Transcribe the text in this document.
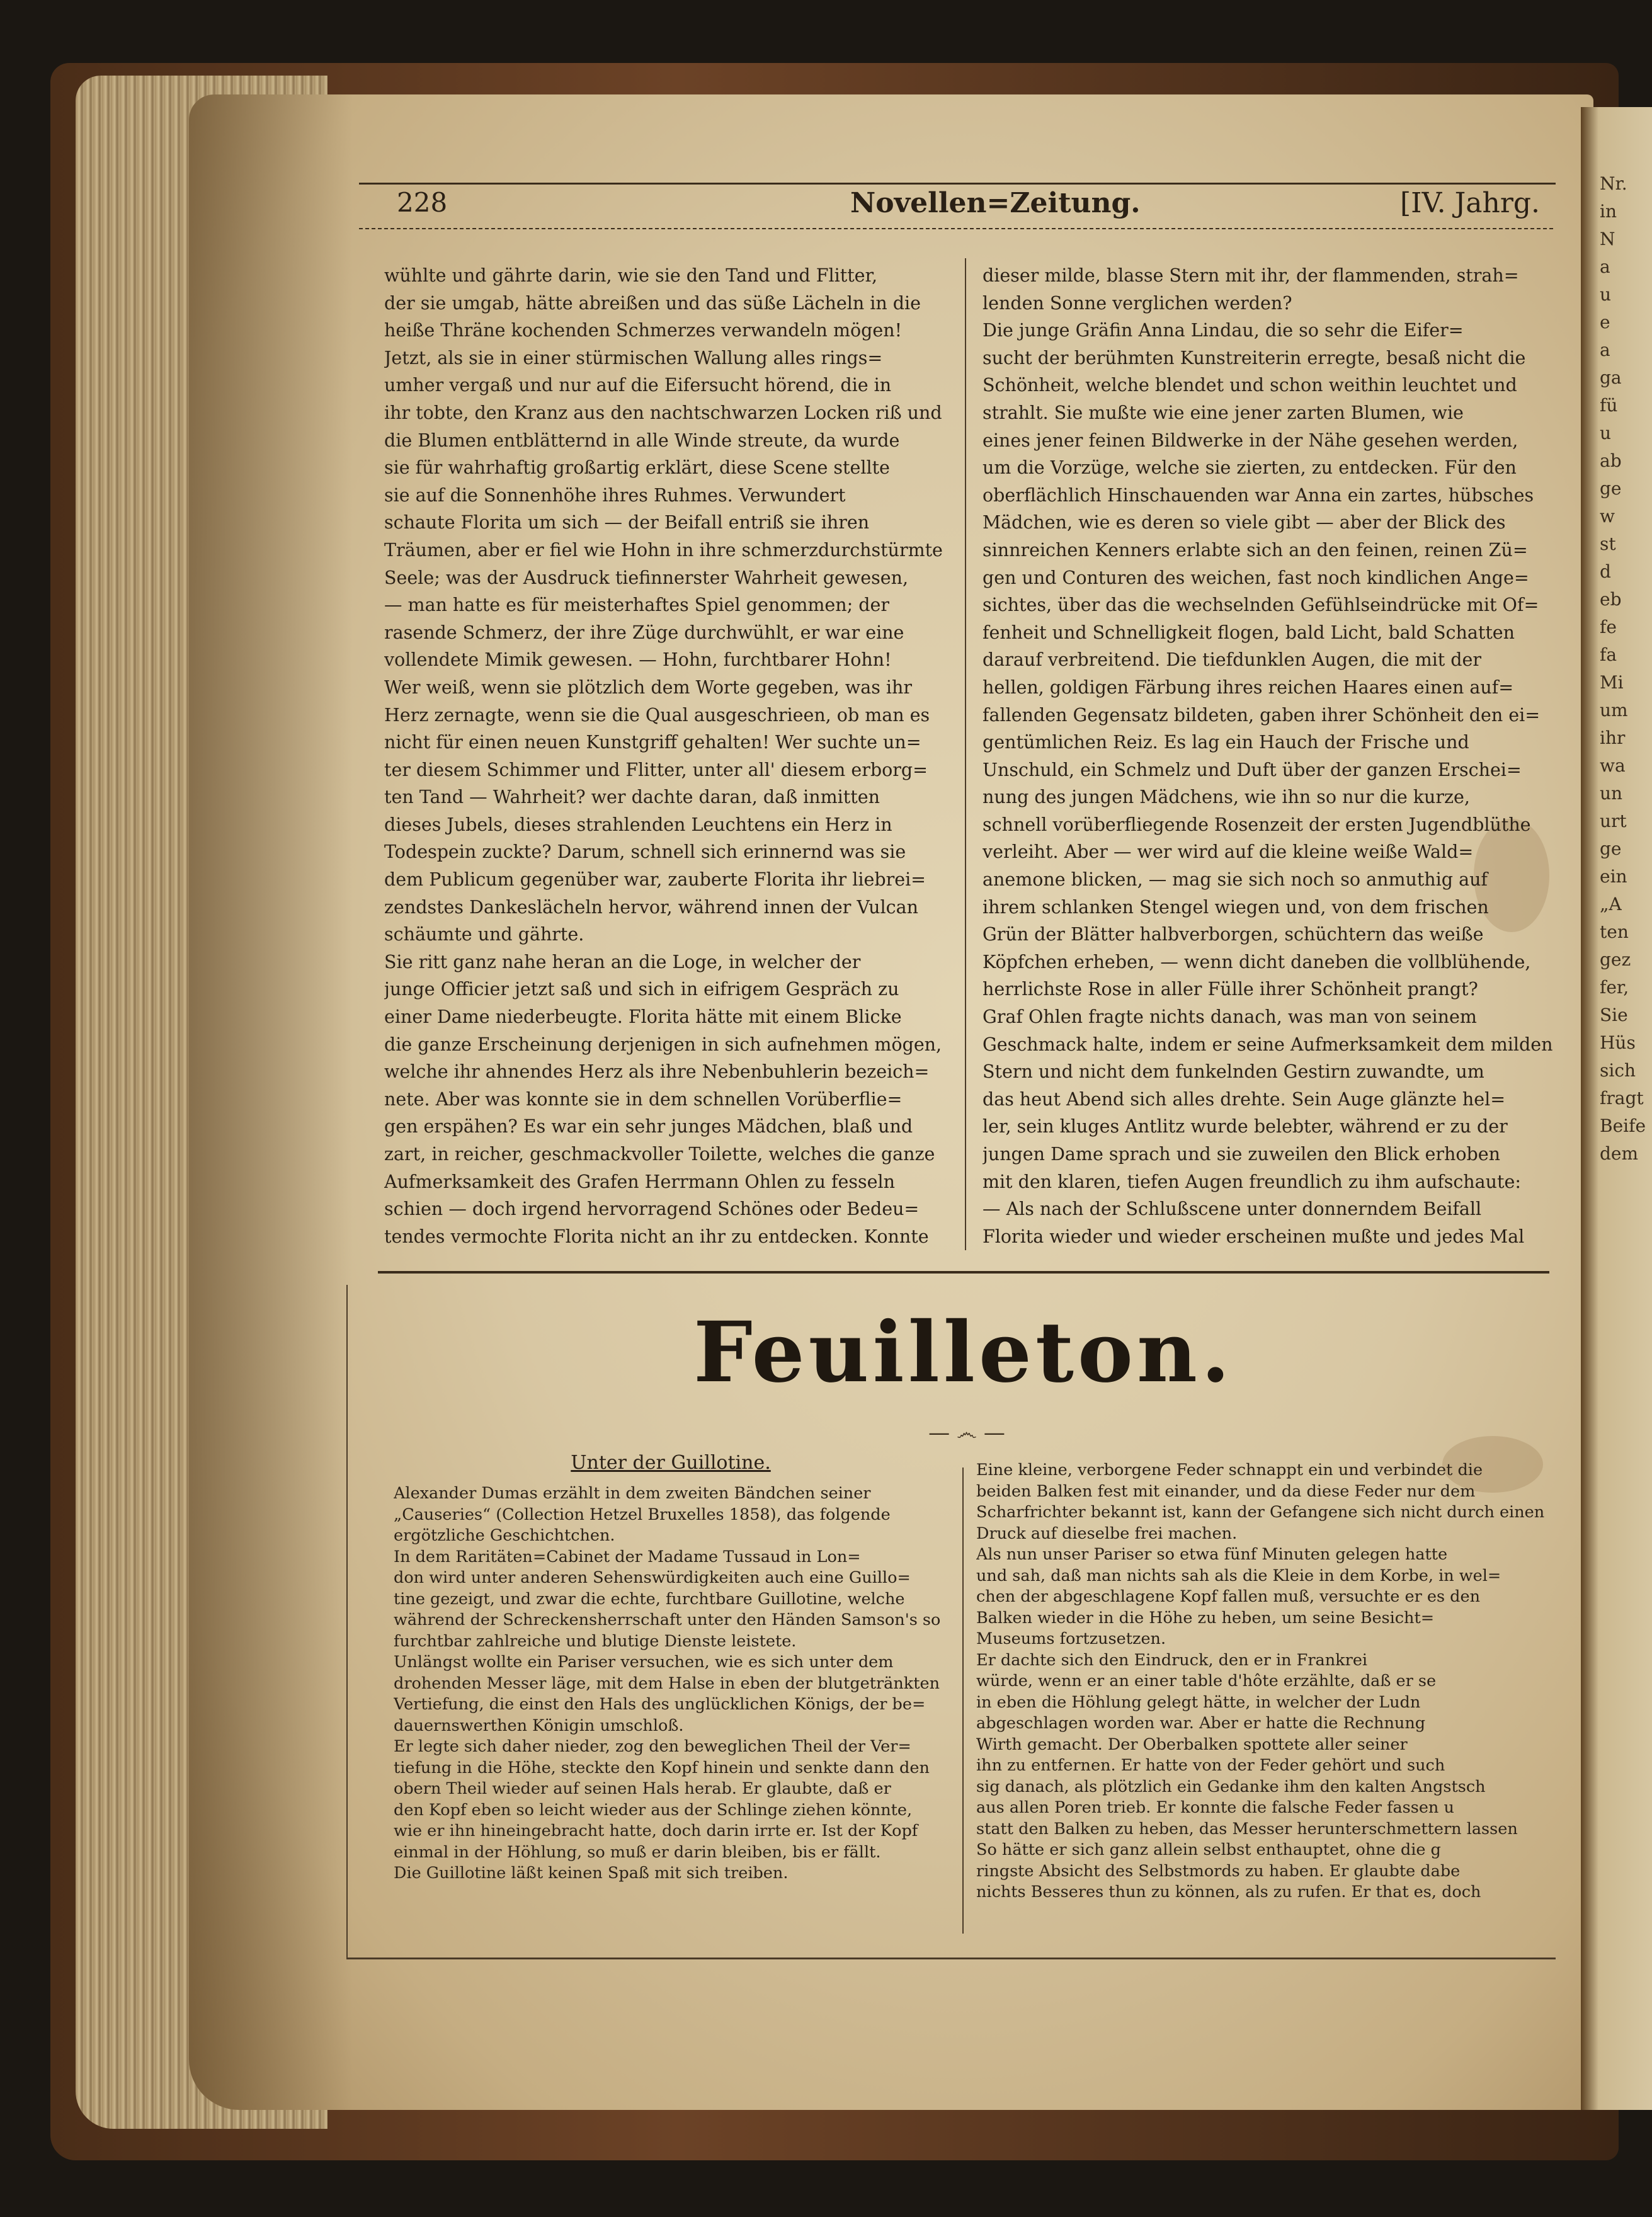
Nr.
in
N
a
u
e
a
ga
fü
u
ab
ge
w
st
d
eb
fe
fa
Mi
um
ihr
wa
un
urt
ge
ein
„A
ten
gez
fer,
Sie
Hüs
sich
fragt
Beife
dem
228	Novellen=Zeitung.	[IV. Jahrg.

wühlte und gährte darin, wie sie den Tand und Flitter,

der sie umgab, hätte abreißen und das süße Lächeln in die

heiße Thräne kochenden Schmerzes verwandeln mögen!

Jetzt, als sie in einer stürmischen Wallung alles rings=

umher vergaß und nur auf die Eifersucht hörend, die in

ihr tobte, den Kranz aus den nachtschwarzen Locken riß und

die Blumen entblätternd in alle Winde streute, da wurde

sie für wahrhaftig großartig erklärt, diese Scene stellte

sie auf die Sonnenhöhe ihres Ruhmes. Verwundert

schaute Florita um sich — der Beifall entriß sie ihren

Träumen, aber er fiel wie Hohn in ihre schmerzdurchstürmte

Seele; was der Ausdruck tiefinnerster Wahrheit gewesen,

— man hatte es für meisterhaftes Spiel genommen; der

rasende Schmerz, der ihre Züge durchwühlt, er war eine

vollendete Mimik gewesen. — Hohn, furchtbarer Hohn!

Wer weiß, wenn sie plötzlich dem Worte gegeben, was ihr

Herz zernagte, wenn sie die Qual ausgeschrieen, ob man es

nicht für einen neuen Kunstgriff gehalten! Wer suchte un=

ter diesem Schimmer und Flitter, unter all' diesem erborg=

ten Tand — Wahrheit? wer dachte daran, daß inmitten

dieses Jubels, dieses strahlenden Leuchtens ein Herz in

Todespein zuckte? Darum, schnell sich erinnernd was sie

dem Publicum gegenüber war, zauberte Florita ihr liebrei=

zendstes Dankeslächeln hervor, während innen der Vulcan

schäumte und gährte.

Sie ritt ganz nahe heran an die Loge, in welcher der

junge Officier jetzt saß und sich in eifrigem Gespräch zu

einer Dame niederbeugte. Florita hätte mit einem Blicke

die ganze Erscheinung derjenigen in sich aufnehmen mögen,

welche ihr ahnendes Herz als ihre Nebenbuhlerin bezeich=

nete. Aber was konnte sie in dem schnellen Vorüberflie=

gen erspähen? Es war ein sehr junges Mädchen, blaß und

zart, in reicher, geschmackvoller Toilette, welches die ganze

Aufmerksamkeit des Grafen Herrmann Ohlen zu fesseln

schien — doch irgend hervorragend Schönes oder Bedeu=

tendes vermochte Florita nicht an ihr zu entdecken. Konnte

dieser milde, blasse Stern mit ihr, der flammenden, strah=

lenden Sonne verglichen werden?

Die junge Gräfin Anna Lindau, die so sehr die Eifer=

sucht der berühmten Kunstreiterin erregte, besaß nicht die

Schönheit, welche blendet und schon weithin leuchtet und

strahlt. Sie mußte wie eine jener zarten Blumen, wie

eines jener feinen Bildwerke in der Nähe gesehen werden,

um die Vorzüge, welche sie zierten, zu entdecken. Für den

oberflächlich Hinschauenden war Anna ein zartes, hübsches

Mädchen, wie es deren so viele gibt — aber der Blick des

sinnreichen Kenners erlabte sich an den feinen, reinen Zü=

gen und Conturen des weichen, fast noch kindlichen Ange=

sichtes, über das die wechselnden Gefühlseindrücke mit Of=

fenheit und Schnelligkeit flogen, bald Licht, bald Schatten

darauf verbreitend. Die tiefdunklen Augen, die mit der

hellen, goldigen Färbung ihres reichen Haares einen auf=

fallenden Gegensatz bildeten, gaben ihrer Schönheit den ei=

gentümlichen Reiz. Es lag ein Hauch der Frische und

Unschuld, ein Schmelz und Duft über der ganzen Erschei=

nung des jungen Mädchens, wie ihn so nur die kurze,

schnell vorüberfliegende Rosenzeit der ersten Jugendblüthe

verleiht. Aber — wer wird auf die kleine weiße Wald=

anemone blicken, — mag sie sich noch so anmuthig auf

ihrem schlanken Stengel wiegen und, von dem frischen

Grün der Blätter halbverborgen, schüchtern das weiße

Köpfchen erheben, — wenn dicht daneben die vollblühende,

herrlichste Rose in aller Fülle ihrer Schönheit prangt?

Graf Ohlen fragte nichts danach, was man von seinem

Geschmack halte, indem er seine Aufmerksamkeit dem milden

Stern und nicht dem funkelnden Gestirn zuwandte, um

das heut Abend sich alles drehte. Sein Auge glänzte hel=

ler, sein kluges Antlitz wurde belebter, während er zu der

jungen Dame sprach und sie zuweilen den Blick erhoben

mit den klaren, tiefen Augen freundlich zu ihm aufschaute:

— Als nach der Schlußscene unter donnerndem Beifall

Florita wieder und wieder erscheinen mußte und jedes Mal

Feuilleton.
— ෴ —
Unter der Guillotine.

Alexander Dumas erzählt in dem zweiten Bändchen seiner

„Causeries“ (Collection Hetzel Bruxelles 1858), das folgende

ergötzliche Geschichtchen.

In dem Raritäten=Cabinet der Madame Tussaud in Lon=

don wird unter anderen Sehenswürdigkeiten auch eine Guillo=

tine gezeigt, und zwar die echte, furchtbare Guillotine, welche

während der Schreckensherrschaft unter den Händen Samson's so

furchtbar zahlreiche und blutige Dienste leistete.

Unlängst wollte ein Pariser versuchen, wie es sich unter dem

drohenden Messer läge, mit dem Halse in eben der blutgetränkten

Vertiefung, die einst den Hals des unglücklichen Königs, der be=

dauernswerthen Königin umschloß.

Er legte sich daher nieder, zog den beweglichen Theil der Ver=

tiefung in die Höhe, steckte den Kopf hinein und senkte dann den

obern Theil wieder auf seinen Hals herab. Er glaubte, daß er

den Kopf eben so leicht wieder aus der Schlinge ziehen könnte,

wie er ihn hineingebracht hatte, doch darin irrte er. Ist der Kopf

einmal in der Höhlung, so muß er darin bleiben, bis er fällt.

Die Guillotine läßt keinen Spaß mit sich treiben.

Eine kleine, verborgene Feder schnappt ein und verbindet die

beiden Balken fest mit einander, und da diese Feder nur dem

Scharfrichter bekannt ist, kann der Gefangene sich nicht durch einen

Druck auf dieselbe frei machen.

Als nun unser Pariser so etwa fünf Minuten gelegen hatte

und sah, daß man nichts sah als die Kleie in dem Korbe, in wel=

chen der abgeschlagene Kopf fallen muß, versuchte er es den

Balken wieder in die Höhe zu heben, um seine Besicht=

Museums fortzusetzen.

Er dachte sich den Eindruck, den er in Frankrei

würde, wenn er an einer table d'hôte erzählte, daß er se

in eben die Höhlung gelegt hätte, in welcher der Ludn

abgeschlagen worden war. Aber er hatte die Rechnung

Wirth gemacht. Der Oberbalken spottete aller seiner

ihn zu entfernen. Er hatte von der Feder gehört und such

sig danach, als plötzlich ein Gedanke ihm den kalten Angstsch

aus allen Poren trieb. Er konnte die falsche Feder fassen u

statt den Balken zu heben, das Messer herunterschmettern lassen

So hätte er sich ganz allein selbst enthauptet, ohne die g

ringste Absicht des Selbstmords zu haben. Er glaubte dabe

nichts Besseres thun zu können, als zu rufen. Er that es, doch
